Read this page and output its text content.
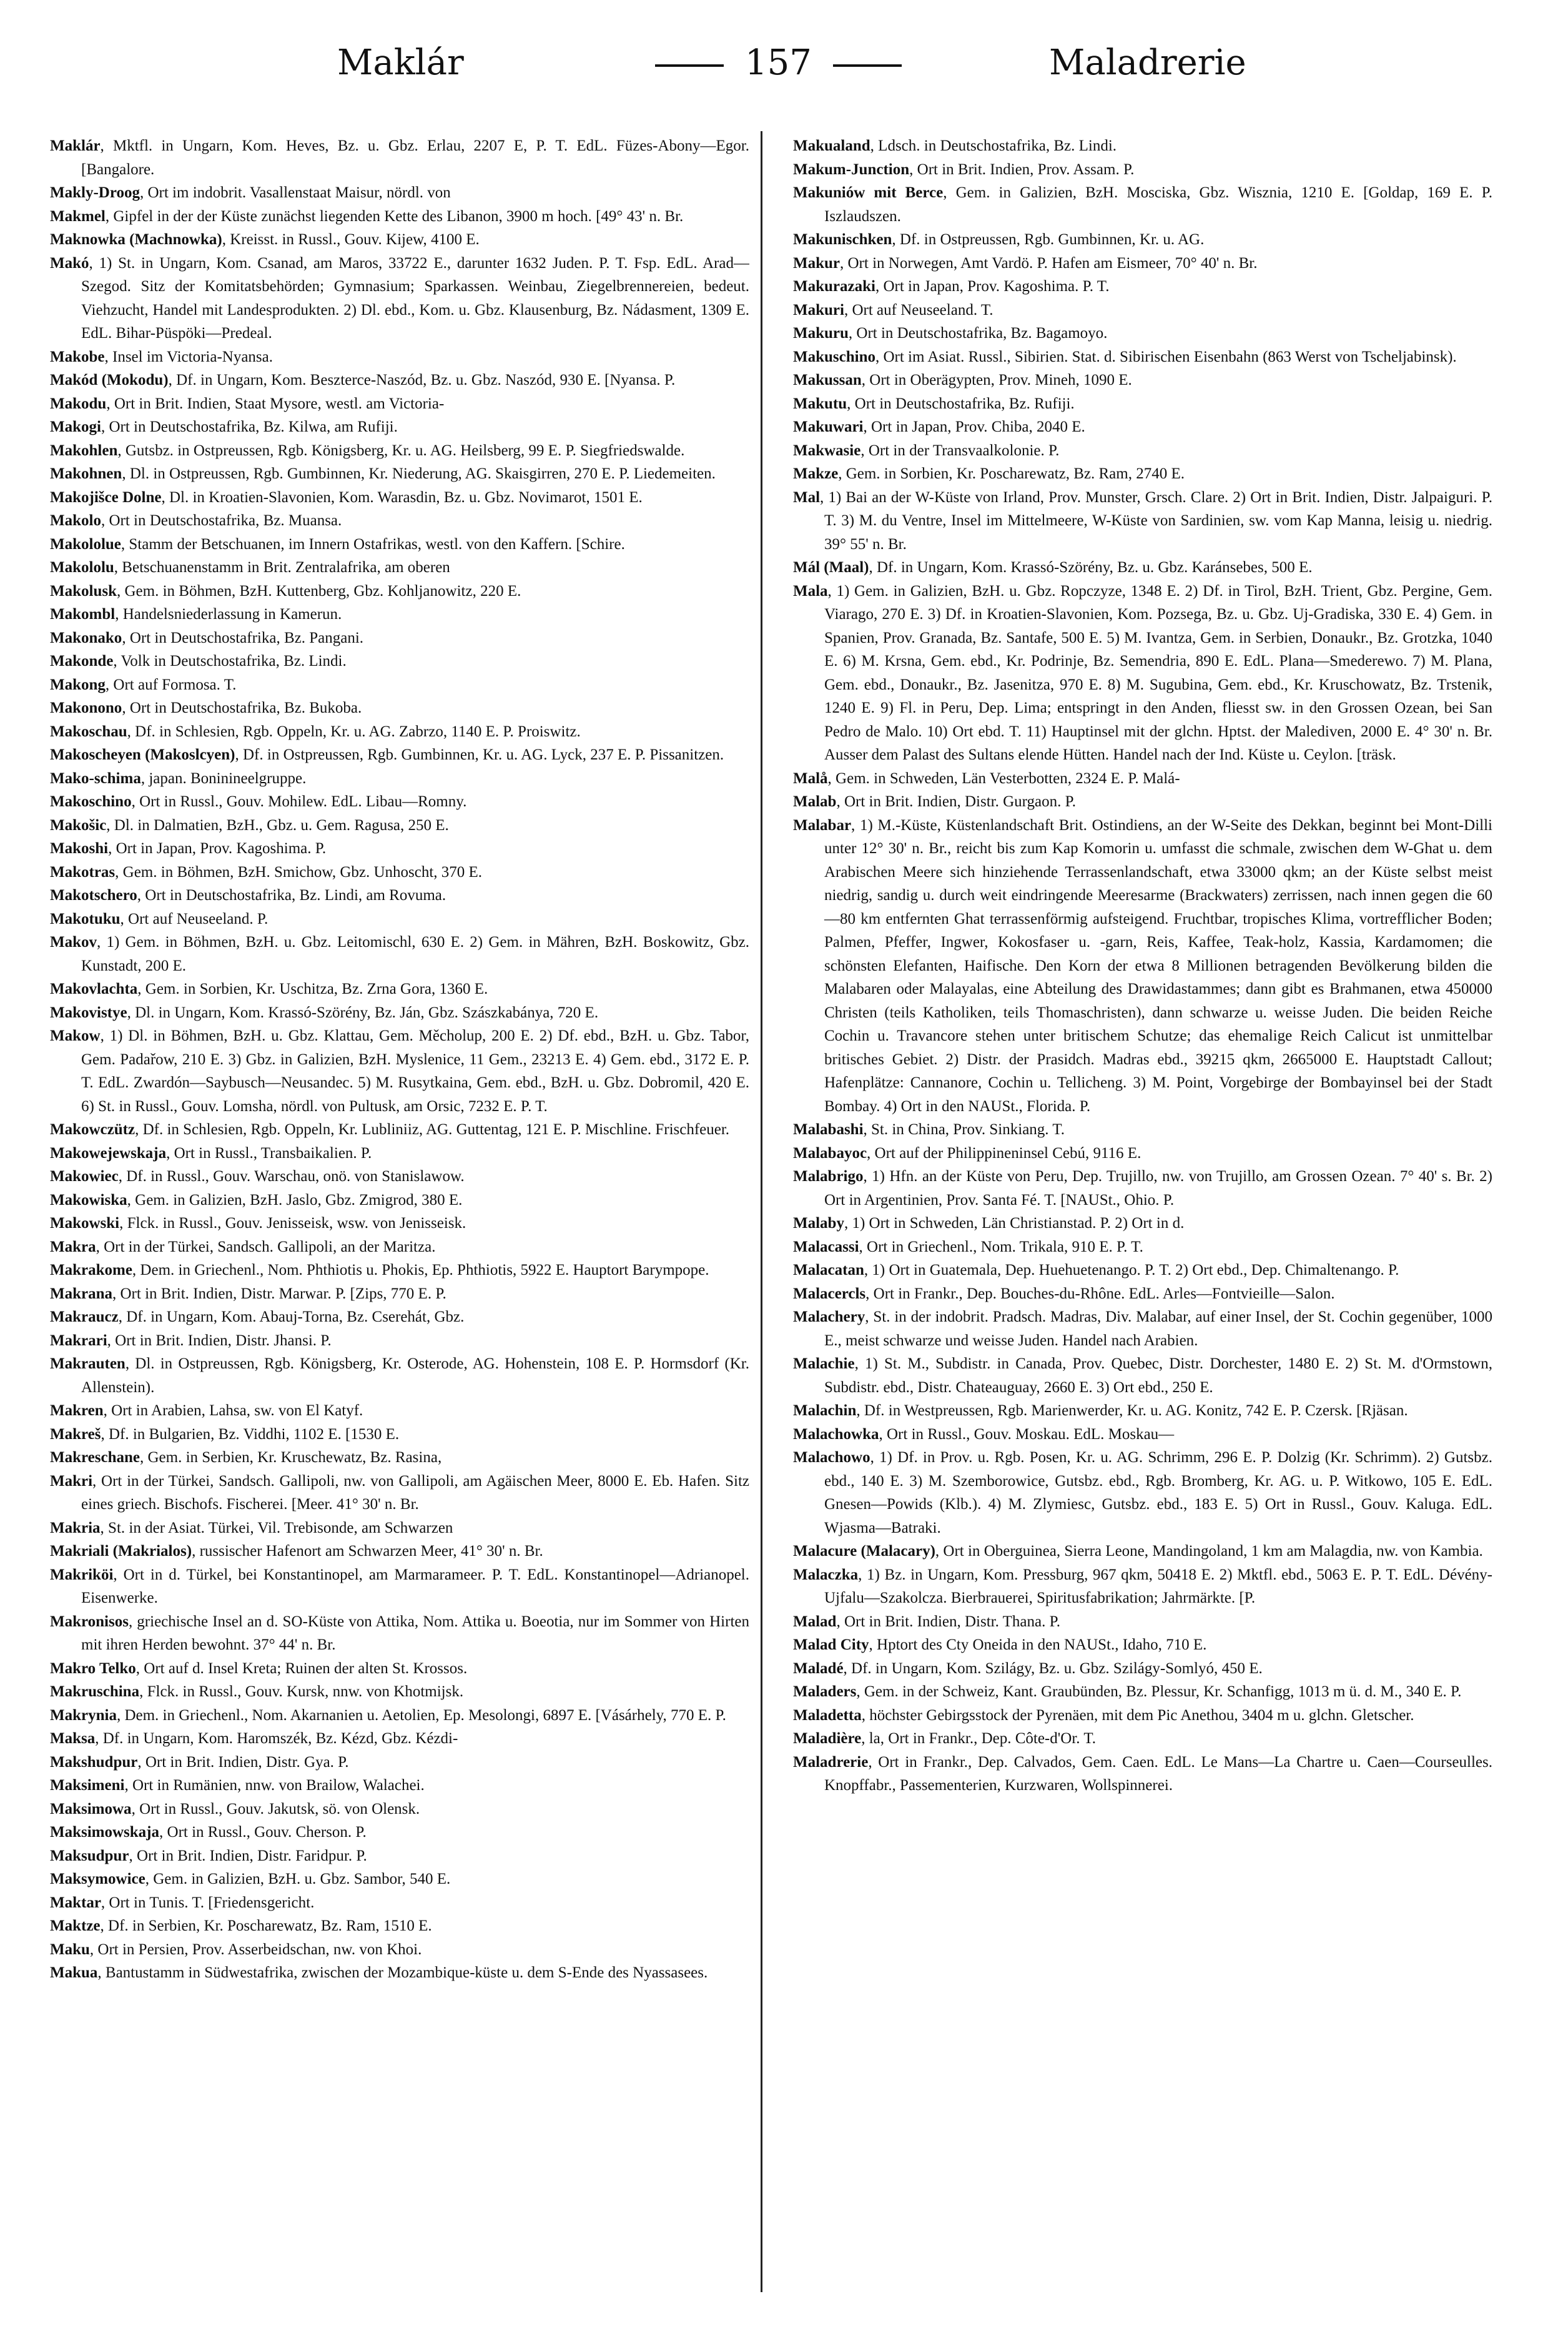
Maklár	157	Maladrerie

Maklár, Mktfl. in Ungarn, Kom. Heves, Bz. u. Gbz. Erlau, 2207 E, P. T. EdL. Füzes-Abony—Egor. [Bangalore.

Makly-Droog, Ort im indobrit. Vasallenstaat Maisur, nördl. von

Makmel, Gipfel in der der Küste zunächst liegenden Kette des Libanon, 3900 m hoch. [49° 43' n. Br.

Maknowka (Machnowka), Kreisst. in Russl., Gouv. Kijew, 4100 E.

Makó, 1) St. in Ungarn, Kom. Csanad, am Maros, 33722 E., darunter 1632 Juden. P. T. Fsp. EdL. Arad—Szegod. Sitz der Komitatsbehörden; Gymnasium; Sparkassen. Weinbau, Ziegelbrennereien, bedeut. Viehzucht, Handel mit Landesprodukten. 2) Dl. ebd., Kom. u. Gbz. Klausenburg, Bz. Nádasment, 1309 E. EdL. Bihar-Püspöki—Predeal.

Makobe, Insel im Victoria-Nyansa.

Makód (Mokodu), Df. in Ungarn, Kom. Beszterce-Naszód, Bz. u. Gbz. Naszód, 930 E. [Nyansa. P.

Makodu, Ort in Brit. Indien, Staat Mysore, westl. am Victoria-

Makogi, Ort in Deutschostafrika, Bz. Kilwa, am Rufiji.

Makohlen, Gutsbz. in Ostpreussen, Rgb. Königsberg, Kr. u. AG. Heilsberg, 99 E. P. Siegfriedswalde.

Makohnen, Dl. in Ostpreussen, Rgb. Gumbinnen, Kr. Niederung, AG. Skaisgirren, 270 E. P. Liedemeiten.

Makojišce Dolne, Dl. in Kroatien-Slavonien, Kom. Warasdin, Bz. u. Gbz. Novimarot, 1501 E.

Makolo, Ort in Deutschostafrika, Bz. Muansa.

Makololue, Stamm der Betschuanen, im Innern Ostafrikas, westl. von den Kaffern. [Schire.

Makololu, Betschuanenstamm in Brit. Zentralafrika, am oberen

Makolusk, Gem. in Böhmen, BzH. Kuttenberg, Gbz. Kohljanowitz, 220 E.

Makombl, Handelsniederlassung in Kamerun.

Makonako, Ort in Deutschostafrika, Bz. Pangani.

Makonde, Volk in Deutschostafrika, Bz. Lindi.

Makong, Ort auf Formosa. T.

Makonono, Ort in Deutschostafrika, Bz. Bukoba.

Makoschau, Df. in Schlesien, Rgb. Oppeln, Kr. u. AG. Zabrzo, 1140 E. P. Proiswitz.

Makoscheyen (Makoslcyen), Df. in Ostpreussen, Rgb. Gumbinnen, Kr. u. AG. Lyck, 237 E. P. Pissanitzen.

Mako-schima, japan. Boninineelgruppe.

Makoschino, Ort in Russl., Gouv. Mohilew. EdL. Libau—Romny.

Makošic, Dl. in Dalmatien, BzH., Gbz. u. Gem. Ragusa, 250 E.

Makoshi, Ort in Japan, Prov. Kagoshima. P.

Makotras, Gem. in Böhmen, BzH. Smichow, Gbz. Unhoscht, 370 E.

Makotschero, Ort in Deutschostafrika, Bz. Lindi, am Rovuma.

Makotuku, Ort auf Neuseeland. P.

Makov, 1) Gem. in Böhmen, BzH. u. Gbz. Leitomischl, 630 E. 2) Gem. in Mähren, BzH. Boskowitz, Gbz. Kunstadt, 200 E.

Makovlachta, Gem. in Sorbien, Kr. Uschitza, Bz. Zrna Gora, 1360 E.

Makovistye, Dl. in Ungarn, Kom. Krassó-Szörény, Bz. Ján, Gbz. Szászkabánya, 720 E.

Makow, 1) Dl. in Böhmen, BzH. u. Gbz. Klattau, Gem. Měcholup, 200 E. 2) Df. ebd., BzH. u. Gbz. Tabor, Gem. Padařow, 210 E. 3) Gbz. in Galizien, BzH. Myslenice, 11 Gem., 23213 E. 4) Gem. ebd., 3172 E. P. T. EdL. Zwardón—Saybusch—Neusandec. 5) M. Rusytkaina, Gem. ebd., BzH. u. Gbz. Dobromil, 420 E. 6) St. in Russl., Gouv. Lomsha, nördl. von Pultusk, am Orsic, 7232 E. P. T.

Makowczütz, Df. in Schlesien, Rgb. Oppeln, Kr. Lubliniiz, AG. Guttentag, 121 E. P. Mischline. Frischfeuer.

Makowejewskaja, Ort in Russl., Transbaikalien. P.

Makowiec, Df. in Russl., Gouv. Warschau, onö. von Stanislawow.

Makowiska, Gem. in Galizien, BzH. Jaslo, Gbz. Zmigrod, 380 E.

Makowski, Flck. in Russl., Gouv. Jenisseisk, wsw. von Jenisseisk.

Makra, Ort in der Türkei, Sandsch. Gallipoli, an der Maritza.

Makrakome, Dem. in Griechenl., Nom. Phthiotis u. Phokis, Ep. Phthiotis, 5922 E. Hauptort Barympope.

Makrana, Ort in Brit. Indien, Distr. Marwar. P. [Zips, 770 E. P.

Makraucz, Df. in Ungarn, Kom. Abauj-Torna, Bz. Cserehát, Gbz.

Makrari, Ort in Brit. Indien, Distr. Jhansi. P.

Makrauten, Dl. in Ostpreussen, Rgb. Königsberg, Kr. Osterode, AG. Hohenstein, 108 E. P. Hormsdorf (Kr. Allenstein).

Makren, Ort in Arabien, Lahsa, sw. von El Katyf.

Makreš, Df. in Bulgarien, Bz. Viddhi, 1102 E. [1530 E.

Makreschane, Gem. in Serbien, Kr. Kruschewatz, Bz. Rasina,

Makri, Ort in der Türkei, Sandsch. Gallipoli, nw. von Gallipoli, am Agäischen Meer, 8000 E. Eb. Hafen. Sitz eines griech. Bischofs. Fischerei. [Meer. 41° 30' n. Br.

Makria, St. in der Asiat. Türkei, Vil. Trebisonde, am Schwarzen

Makriali (Makrialos), russischer Hafenort am Schwarzen Meer, 41° 30' n. Br.

Makriköi, Ort in d. Türkel, bei Konstantinopel, am Marmarameer. P. T. EdL. Konstantinopel—Adrianopel. Eisenwerke.

Makronisos, griechische Insel an d. SO-Küste von Attika, Nom. Attika u. Boeotia, nur im Sommer von Hirten mit ihren Herden bewohnt. 37° 44' n. Br.

Makro Telko, Ort auf d. Insel Kreta; Ruinen der alten St. Krossos.

Makruschina, Flck. in Russl., Gouv. Kursk, nnw. von Khotmijsk.

Makrynia, Dem. in Griechenl., Nom. Akarnanien u. Aetolien, Ep. Mesolongi, 6897 E. [Vásárhely, 770 E. P.

Maksa, Df. in Ungarn, Kom. Haromszék, Bz. Kézd, Gbz. Kézdi-

Makshudpur, Ort in Brit. Indien, Distr. Gya. P.

Maksimeni, Ort in Rumänien, nnw. von Brailow, Walachei.

Maksimowa, Ort in Russl., Gouv. Jakutsk, sö. von Olensk.

Maksimowskaja, Ort in Russl., Gouv. Cherson. P.

Maksudpur, Ort in Brit. Indien, Distr. Faridpur. P.

Maksymowice, Gem. in Galizien, BzH. u. Gbz. Sambor, 540 E.

Maktar, Ort in Tunis. T. [Friedensgericht.

Maktze, Df. in Serbien, Kr. Poscharewatz, Bz. Ram, 1510 E.

Maku, Ort in Persien, Prov. Asserbeidschan, nw. von Khoi.

Makua, Bantustamm in Südwestafrika, zwischen der Mozambique-küste u. dem S-Ende des Nyassasees.

Makualand, Ldsch. in Deutschostafrika, Bz. Lindi.

Makum-Junction, Ort in Brit. Indien, Prov. Assam. P.

Makuniów mit Berce, Gem. in Galizien, BzH. Mosciska, Gbz. Wisznia, 1210 E. [Goldap, 169 E. P. Iszlaudszen.

Makunischken, Df. in Ostpreussen, Rgb. Gumbinnen, Kr. u. AG.

Makur, Ort in Norwegen, Amt Vardö. P. Hafen am Eismeer, 70° 40' n. Br.

Makurazaki, Ort in Japan, Prov. Kagoshima. P. T.

Makuri, Ort auf Neuseeland. T.

Makuru, Ort in Deutschostafrika, Bz. Bagamoyo.

Makuschino, Ort im Asiat. Russl., Sibirien. Stat. d. Sibirischen Eisenbahn (863 Werst von Tscheljabinsk).

Makussan, Ort in Oberägypten, Prov. Mineh, 1090 E.

Makutu, Ort in Deutschostafrika, Bz. Rufiji.

Makuwari, Ort in Japan, Prov. Chiba, 2040 E.

Makwasie, Ort in der Transvaalkolonie. P.

Makze, Gem. in Sorbien, Kr. Poscharewatz, Bz. Ram, 2740 E.

Mal, 1) Bai an der W-Küste von Irland, Prov. Munster, Grsch. Clare. 2) Ort in Brit. Indien, Distr. Jalpaiguri. P. T. 3) M. du Ventre, Insel im Mittelmeere, W-Küste von Sardinien, sw. vom Kap Manna, leisig u. niedrig. 39° 55' n. Br.

Mál (Maal), Df. in Ungarn, Kom. Krassó-Szörény, Bz. u. Gbz. Karánsebes, 500 E.

Mala, 1) Gem. in Galizien, BzH. u. Gbz. Ropczyze, 1348 E. 2) Df. in Tirol, BzH. Trient, Gbz. Pergine, Gem. Viarago, 270 E. 3) Df. in Kroatien-Slavonien, Kom. Pozsega, Bz. u. Gbz. Uj-Gradiska, 330 E. 4) Gem. in Spanien, Prov. Granada, Bz. Santafe, 500 E. 5) M. Ivantza, Gem. in Serbien, Donaukr., Bz. Grotzka, 1040 E. 6) M. Krsna, Gem. ebd., Kr. Podrinje, Bz. Semendria, 890 E. EdL. Plana—Smederewo. 7) M. Plana, Gem. ebd., Donaukr., Bz. Jasenitza, 970 E. 8) M. Sugubina, Gem. ebd., Kr. Kruschowatz, Bz. Trstenik, 1240 E. 9) Fl. in Peru, Dep. Lima; entspringt in den Anden, fliesst sw. in den Grossen Ozean, bei San Pedro de Malo. 10) Ort ebd. T. 11) Hauptinsel mit der glchn. Hptst. der Malediven, 2000 E. 4° 30' n. Br. Ausser dem Palast des Sultans elende Hütten. Handel nach der Ind. Küste u. Ceylon. [träsk.

Malå, Gem. in Schweden, Län Vesterbotten, 2324 E. P. Malá-

Malab, Ort in Brit. Indien, Distr. Gurgaon. P.

Malabar, 1) M.-Küste, Küstenlandschaft Brit. Ostindiens, an der W-Seite des Dekkan, beginnt bei Mont-Dilli unter 12° 30' n. Br., reicht bis zum Kap Komorin u. umfasst die schmale, zwischen dem W-Ghat u. dem Arabischen Meere sich hinziehende Terrassenlandschaft, etwa 33000 qkm; an der Küste selbst meist niedrig, sandig u. durch weit eindringende Meeresarme (Brackwaters) zerrissen, nach innen gegen die 60—80 km entfernten Ghat terrassenförmig aufsteigend. Fruchtbar, tropisches Klima, vortrefflicher Boden; Palmen, Pfeffer, Ingwer, Kokosfaser u. -garn, Reis, Kaffee, Teak-holz, Kassia, Kardamomen; die schönsten Elefanten, Haifische. Den Korn der etwa 8 Millionen betragenden Bevölkerung bilden die Malabaren oder Malayalas, eine Abteilung des Drawidastammes; dann gibt es Brahmanen, etwa 450000 Christen (teils Katholiken, teils Thomaschristen), dann schwarze u. weisse Juden. Die beiden Reiche Cochin u. Travancore stehen unter britischem Schutze; das ehemalige Reich Calicut ist unmittelbar britisches Gebiet. 2) Distr. der Prasidch. Madras ebd., 39215 qkm, 2665000 E. Hauptstadt Callout; Hafenplätze: Cannanore, Cochin u. Tellicheng. 3) M. Point, Vorgebirge der Bombayinsel bei der Stadt Bombay. 4) Ort in den NAUSt., Florida. P.

Malabashi, St. in China, Prov. Sinkiang. T.

Malabayoc, Ort auf der Philippineninsel Cebú, 9116 E.

Malabrigo, 1) Hfn. an der Küste von Peru, Dep. Trujillo, nw. von Trujillo, am Grossen Ozean. 7° 40' s. Br. 2) Ort in Argentinien, Prov. Santa Fé. T. [NAUSt., Ohio. P.

Malaby, 1) Ort in Schweden, Län Christianstad. P. 2) Ort in d.

Malacassi, Ort in Griechenl., Nom. Trikala, 910 E. P. T.

Malacatan, 1) Ort in Guatemala, Dep. Huehuetenango. P. T. 2) Ort ebd., Dep. Chimaltenango. P.

Malacercls, Ort in Frankr., Dep. Bouches-du-Rhône. EdL. Arles—Fontvieille—Salon.

Malachery, St. in der indobrit. Pradsch. Madras, Div. Malabar, auf einer Insel, der St. Cochin gegenüber, 1000 E., meist schwarze und weisse Juden. Handel nach Arabien.

Malachie, 1) St. M., Subdistr. in Canada, Prov. Quebec, Distr. Dorchester, 1480 E. 2) St. M. d'Ormstown, Subdistr. ebd., Distr. Chateauguay, 2660 E. 3) Ort ebd., 250 E.

Malachin, Df. in Westpreussen, Rgb. Marienwerder, Kr. u. AG. Konitz, 742 E. P. Czersk. [Rjäsan.

Malachowka, Ort in Russl., Gouv. Moskau. EdL. Moskau—

Malachowo, 1) Df. in Prov. u. Rgb. Posen, Kr. u. AG. Schrimm, 296 E. P. Dolzig (Kr. Schrimm). 2) Gutsbz. ebd., 140 E. 3) M. Szemborowice, Gutsbz. ebd., Rgb. Bromberg, Kr. AG. u. P. Witkowo, 105 E. EdL. Gnesen—Powids (Klb.). 4) M. Zlymiesc, Gutsbz. ebd., 183 E. 5) Ort in Russl., Gouv. Kaluga. EdL. Wjasma—Batraki.

Malacure (Malacary), Ort in Oberguinea, Sierra Leone, Mandingoland, 1 km am Malagdia, nw. von Kambia.

Malaczka, 1) Bz. in Ungarn, Kom. Pressburg, 967 qkm, 50418 E. 2) Mktfl. ebd., 5063 E. P. T. EdL. Dévény-Ujfalu—Szakolcza. Bierbrauerei, Spiritusfabrikation; Jahrmärkte. [P.

Malad, Ort in Brit. Indien, Distr. Thana. P.

Malad City, Hptort des Cty Oneida in den NAUSt., Idaho, 710 E.

Maladé, Df. in Ungarn, Kom. Szilágy, Bz. u. Gbz. Szilágy-Somlyó, 450 E.

Maladers, Gem. in der Schweiz, Kant. Graubünden, Bz. Plessur, Kr. Schanfigg, 1013 m ü. d. M., 340 E. P.

Maladetta, höchster Gebirgsstock der Pyrenäen, mit dem Pic Anethou, 3404 m u. glchn. Gletscher.

Maladière, la, Ort in Frankr., Dep. Côte-d'Or. T.

Maladrerie, Ort in Frankr., Dep. Calvados, Gem. Caen. EdL. Le Mans—La Chartre u. Caen—Courseulles. Knopffabr., Passementerien, Kurzwaren, Wollspinnerei.
